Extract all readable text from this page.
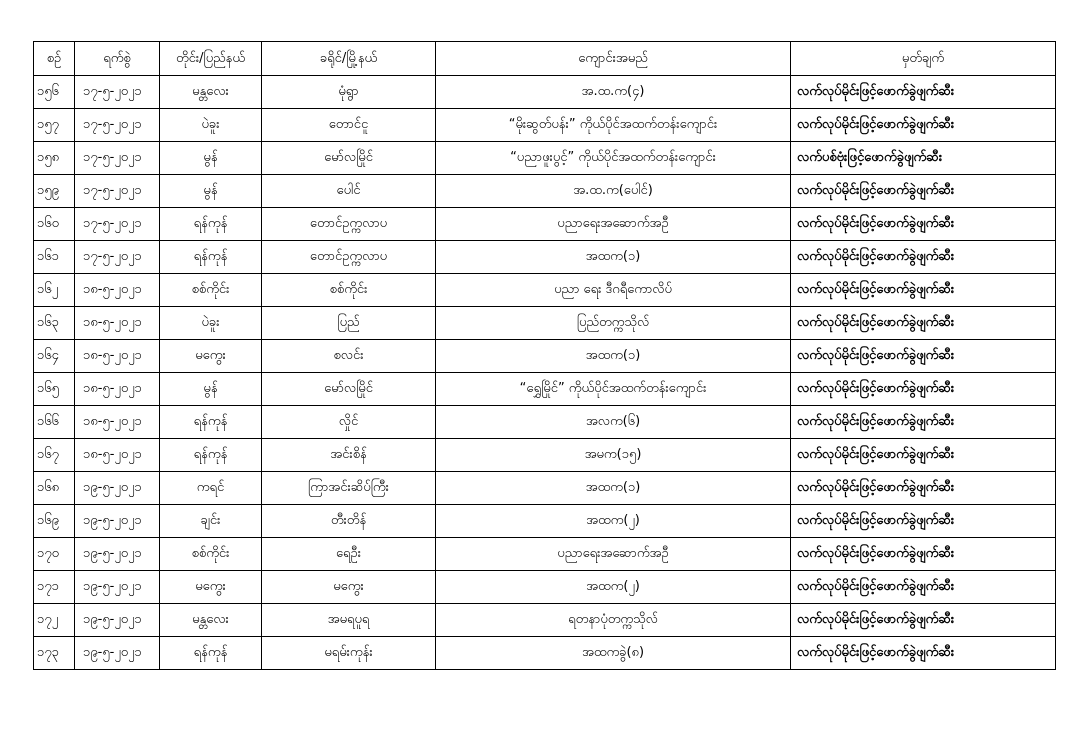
စဉ်	ရက်စွဲ	တိုင်း/ပြည်နယ်	ခရိုင်/မြို့နယ်	ကျောင်းအမည်	မှတ်ချက်
၁၅၆	၁၇-၅-၂၀၂၁	မန္တလေး	မုံရွာ	အ.ထ.က(၄)	လက်လုပ်မိုင်းဖြင့်ဖောက်ခွဲဖျက်ဆီး
၁၅၇	၁၇-၅-၂၀၂၁	ပဲခူး	တောင်ငူ	“မိုးဆွတ်ပန်း” ကိုယ်ပိုင်အထက်တန်းကျောင်း	လက်လုပ်မိုင်းဖြင့်ဖောက်ခွဲဖျက်ဆီး
၁၅၈	၁၇-၅-၂၀၂၁	မွန်	မော်လမြိုင်	“ပညာဖူးပွင့်” ကိုယ်ပိုင်အထက်တန်းကျောင်း	လက်ပစ်ဗုံးဖြင့်ဖောက်ခွဲဖျက်ဆီး
၁၅၉	၁၇-၅-၂၀၂၁	မွန်	ပေါင်	အ.ထ.က(ပေါင်)	လက်လုပ်မိုင်းဖြင့်ဖောက်ခွဲဖျက်ဆီး
၁၆၀	၁၇-၅-၂၀၂၁	ရန်ကုန်	တောင်ဥက္ကလာပ	ပညာရေးအဆောက်အဦ	လက်လုပ်မိုင်းဖြင့်ဖောက်ခွဲဖျက်ဆီး
၁၆၁	၁၇-၅-၂၀၂၁	ရန်ကုန်	တောင်ဥက္ကလာပ	အထက(၁)	လက်လုပ်မိုင်းဖြင့်ဖောက်ခွဲဖျက်ဆီး
၁၆၂	၁၈-၅-၂၀၂၁	စစ်ကိုင်း	စစ်ကိုင်း	ပညာ ရေး ဒီဂရီကောလိပ်	လက်လုပ်မိုင်းဖြင့်ဖောက်ခွဲဖျက်ဆီး
၁၆၃	၁၈-၅-၂၀၂၁	ပဲခူး	ပြည်	ပြည်တက္ကသိုလ်	လက်လုပ်မိုင်းဖြင့်ဖောက်ခွဲဖျက်ဆီး
၁၆၄	၁၈-၅-၂၀၂၁	မကွေး	စလင်း	အထက(၁)	လက်လုပ်မိုင်းဖြင့်ဖောက်ခွဲဖျက်ဆီး
၁၆၅	၁၈-၅-၂၀၂၁	မွန်	မော်လမြိုင်	“ရွှေမြိုင်” ကိုယ်ပိုင်အထက်တန်းကျောင်း	လက်လုပ်မိုင်းဖြင့်ဖောက်ခွဲဖျက်ဆီး
၁၆၆	၁၈-၅-၂၀၂၁	ရန်ကုန်	လှိုင်	အလက(၆)	လက်လုပ်မိုင်းဖြင့်ဖောက်ခွဲဖျက်ဆီး
၁၆၇	၁၈-၅-၂၀၂၁	ရန်ကုန်	အင်းစိန်	အမက(၁၅)	လက်လုပ်မိုင်းဖြင့်ဖောက်ခွဲဖျက်ဆီး
၁၆၈	၁၉-၅-၂၀၂၁	ကရင်	ကြာအင်းဆိပ်ကြီး	အထက(၁)	လက်လုပ်မိုင်းဖြင့်ဖောက်ခွဲဖျက်ဆီး
၁၆၉	၁၉-၅-၂၀၂၁	ချင်း	တီးတိန်	အထက(၂)	လက်လုပ်မိုင်းဖြင့်ဖောက်ခွဲဖျက်ဆီး
၁၇၀	၁၉-၅-၂၀၂၁	စစ်ကိုင်း	ရေဦး	ပညာရေးအဆောက်အဦ	လက်လုပ်မိုင်းဖြင့်ဖောက်ခွဲဖျက်ဆီး
၁၇၁	၁၉-၅-၂၀၂၁	မကွေး	မကွေး	အထက(၂)	လက်လုပ်မိုင်းဖြင့်ဖောက်ခွဲဖျက်ဆီး
၁၇၂	၁၉-၅-၂၀၂၁	မန္တလေး	အမရပူရ	ရတနာပုံတက္ကသိုလ်	လက်လုပ်မိုင်းဖြင့်ဖောက်ခွဲဖျက်ဆီး
၁၇၃	၁၉-၅-၂၀၂၁	ရန်ကုန်	မရမ်းကုန်း	အထကခွဲ(၈)	လက်လုပ်မိုင်းဖြင့်ဖောက်ခွဲဖျက်ဆီး
